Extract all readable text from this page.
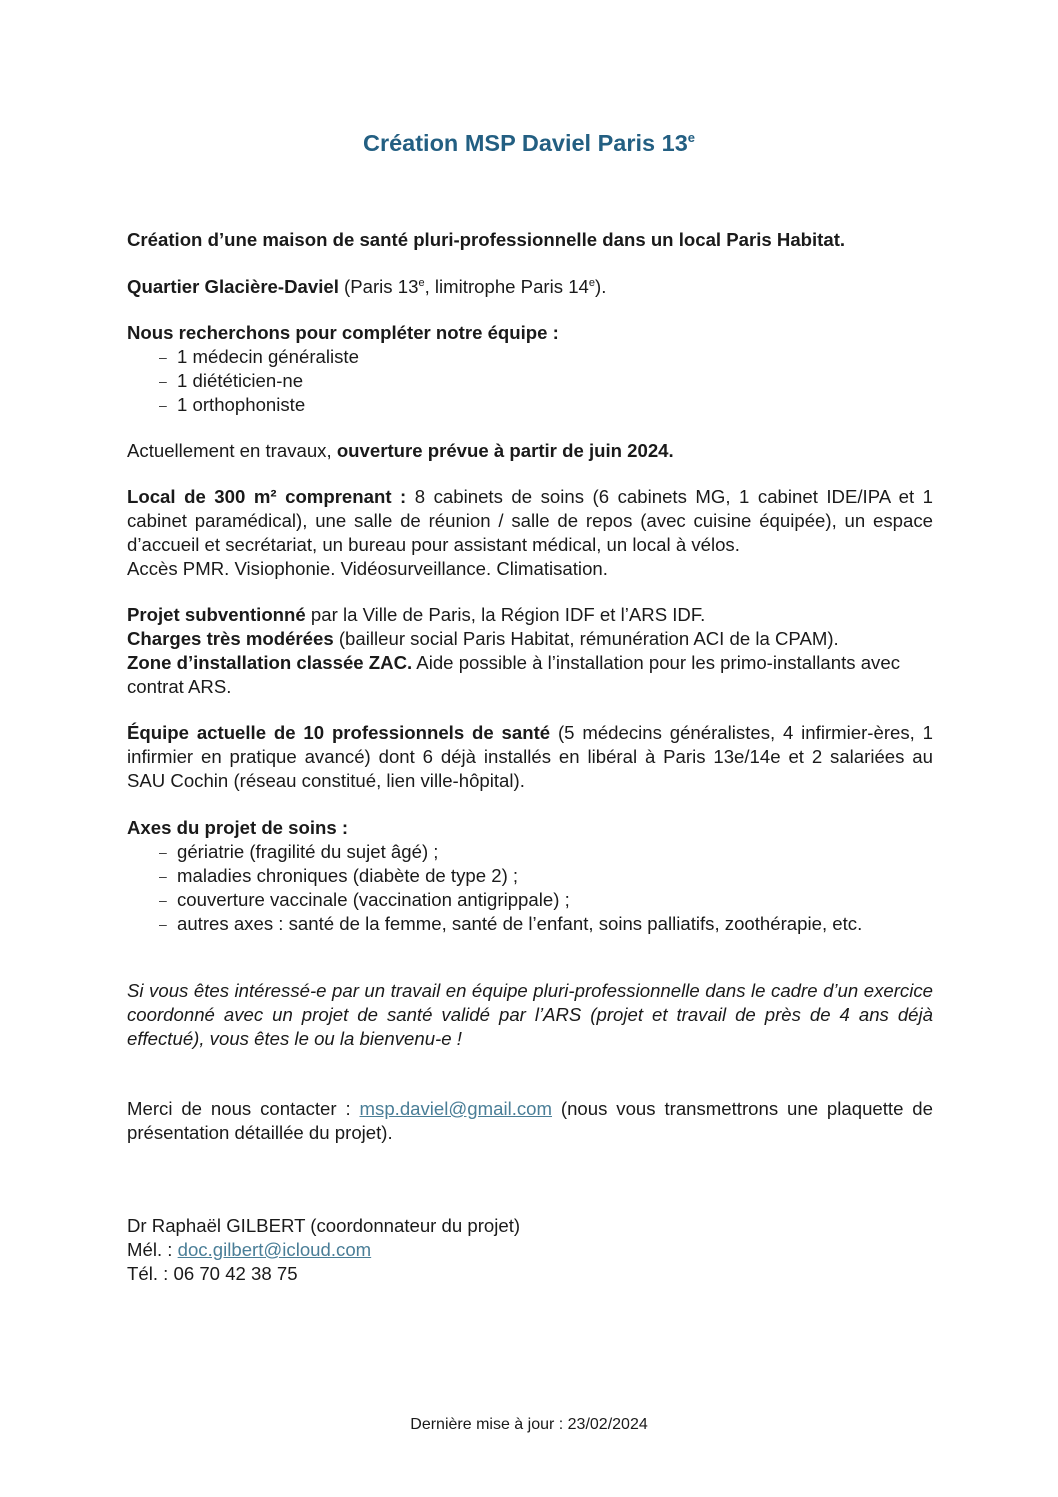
Création MSP Daviel Paris 13e
Création d’une maison de santé pluri-professionnelle dans un local Paris Habitat.
Quartier Glacière-Daviel (Paris 13e, limitrophe Paris 14e).
Nous recherchons pour compléter notre équipe :
– 1 médecin généraliste
– 1 diététicien-ne
– 1 orthophoniste
Actuellement en travaux, ouverture prévue à partir de juin 2024.
Local de 300 m² comprenant : 8 cabinets de soins (6 cabinets MG, 1 cabinet IDE/IPA et 1 cabinet paramédical), une salle de réunion / salle de repos (avec cuisine équipée), un espace d’accueil et secrétariat, un bureau pour assistant médical, un local à vélos.
Accès PMR. Visiophonie. Vidéosurveillance. Climatisation.
Projet subventionné par la Ville de Paris, la Région IDF et l’ARS IDF.
Charges très modérées (bailleur social Paris Habitat, rémunération ACI de la CPAM).
Zone d’installation classée ZAC. Aide possible à l’installation pour les primo-installants avec contrat ARS.
Équipe actuelle de 10 professionnels de santé (5 médecins généralistes, 4 infirmier-ères, 1 infirmier en pratique avancé) dont 6 déjà installés en libéral à Paris 13e/14e et 2 salariées au SAU Cochin (réseau constitué, lien ville-hôpital).
Axes du projet de soins :
– gériatrie (fragilité du sujet âgé) ;
– maladies chroniques (diabète de type 2) ;
– couverture vaccinale (vaccination antigrippale) ;
– autres axes : santé de la femme, santé de l’enfant, soins palliatifs, zoothérapie, etc.
Si vous êtes intéressé-e par un travail en équipe pluri-professionnelle dans le cadre d’un exercice coordonné avec un projet de santé validé par l’ARS (projet et travail de près de 4 ans déjà effectué), vous êtes le ou la bienvenu-e !
Merci de nous contacter : msp.daviel@gmail.com (nous vous transmettrons une plaquette de présentation détaillée du projet).
Dr Raphaël GILBERT (coordonnateur du projet)
Mél. : doc.gilbert@icloud.com
Tél. : 06 70 42 38 75
Dernière mise à jour : 23/02/2024
